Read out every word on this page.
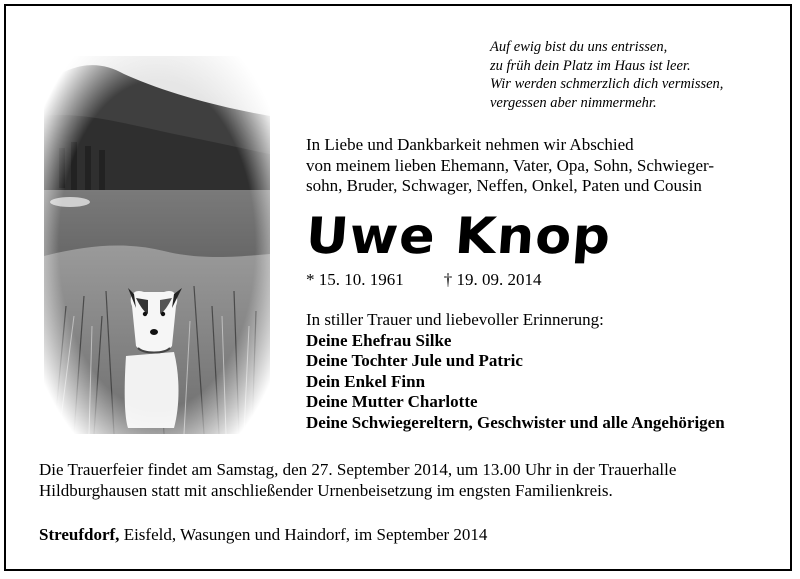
Auf ewig bist du uns entrissen,
zu früh dein Platz im Haus ist leer.
Wir werden schmerzlich dich vermissen,
vergessen aber nimmermehr.
In Liebe und Dankbarkeit nehmen wir Abschied
von meinem lieben Ehemann, Vater, Opa, Sohn, Schwieger-
sohn, Bruder, Schwager, Neffen, Onkel, Paten und Cousin
Uwe Knop
* 15. 10. 1961 † 19. 09. 2014
In stiller Trauer und liebevoller Erinnerung:
Deine Ehefrau Silke
Deine Tochter Jule und Patric
Dein Enkel Finn
Deine Mutter Charlotte
Deine Schwiegereltern, Geschwister und alle Angehörigen
Die Trauerfeier findet am Samstag, den 27. September 2014, um 13.00 Uhr in der Trauerhalle
Hildburghausen statt mit anschließender Urnenbeisetzung im engsten Familienkreis.
Streufdorf, Eisfeld, Wasungen und Haindorf, im September 2014
